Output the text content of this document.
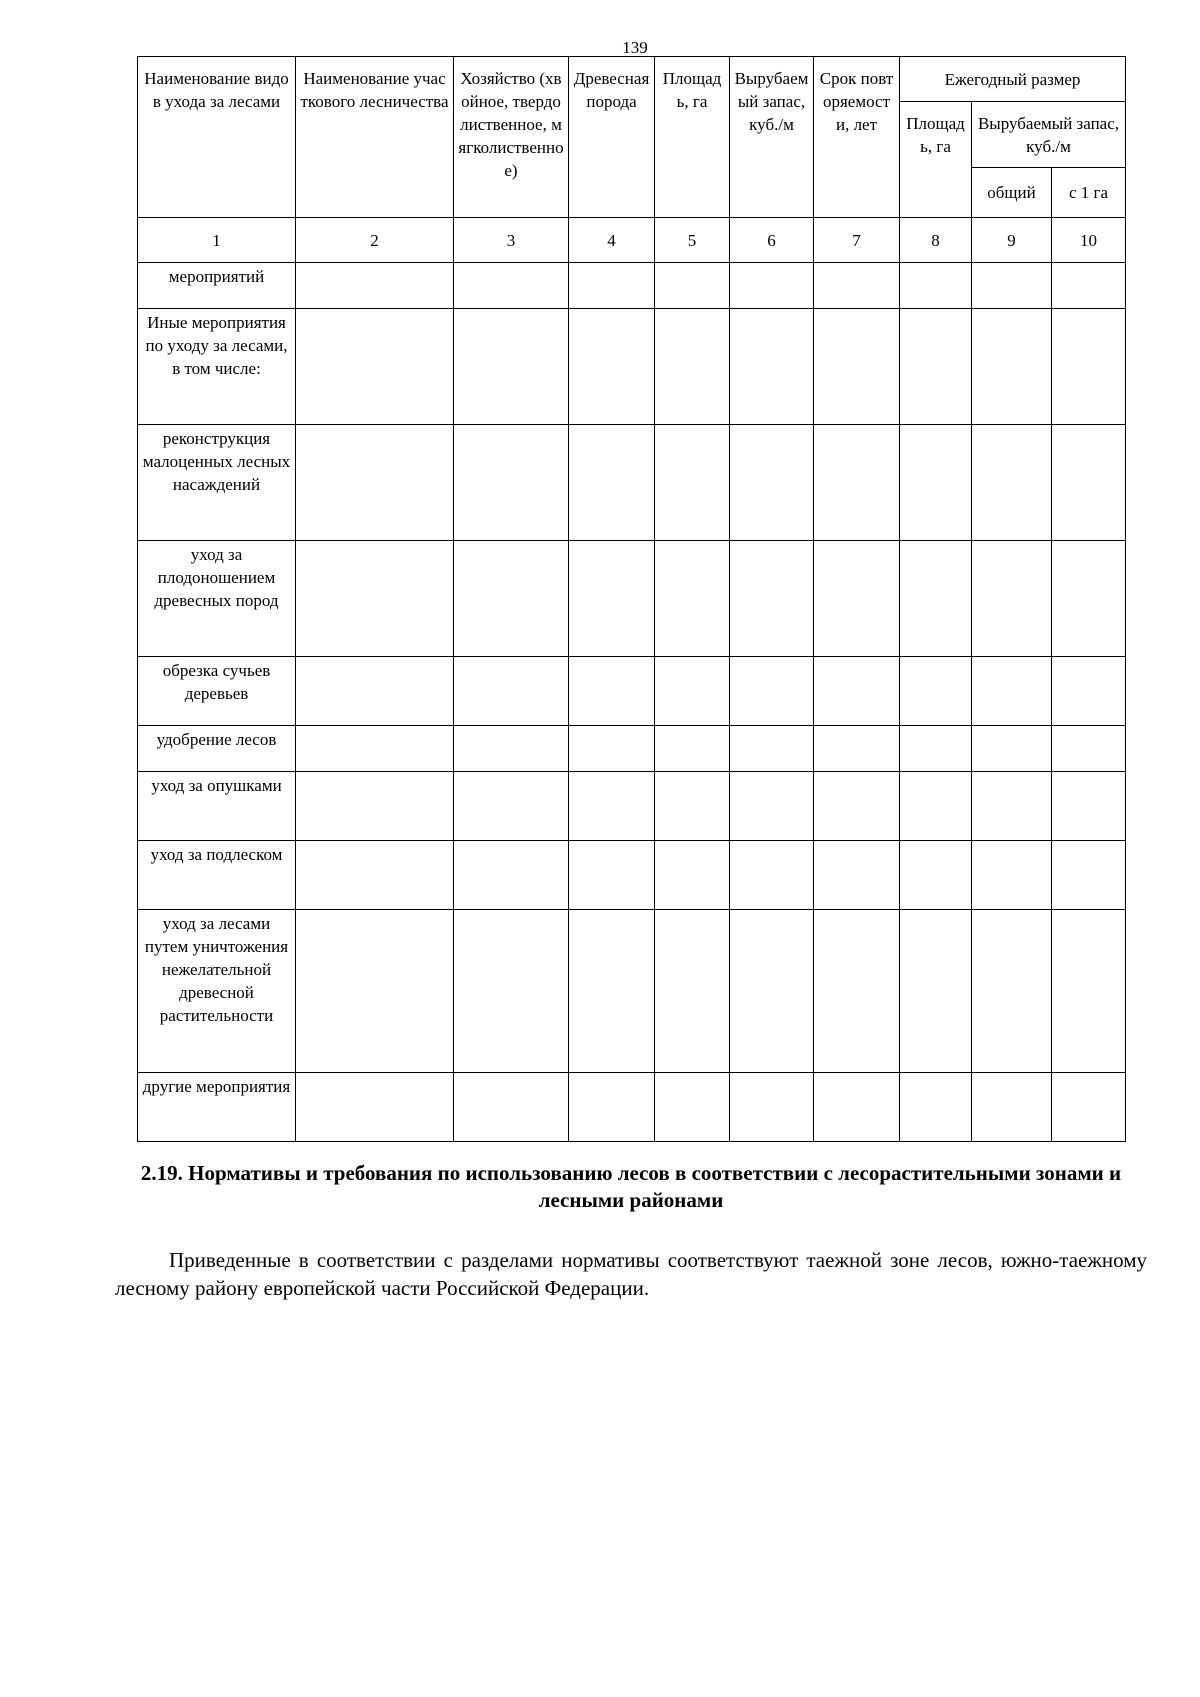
139
Наименование видов ухода за лесами	Наименование участкового лесничества	Хозяйство (хвойное, твердолиственное, мягколиственное)	Древесная порода	Площадь, га	Вырубаемый запас, куб./м	Срок повторяемости, лет	Ежегодный размер		

							Площадь, га	Вырубаемый запас, куб./м	

								общий	с 1 га
1	2	3	4	5	6	7	8	9	10
мероприятий									
Иные мероприятия по уходу за лесами, в том числе:									
реконструкция малоценных лесных насаждений									
уход за плодоношением древесных пород									
обрезка сучьев деревьев									
удобрение лесов									
уход за опушками									
уход за подлеском									
уход за лесами путем уничтожения нежелательной древесной растительности									
другие мероприятия									
2.19. Нормативы и требования по использованию лесов в соответствии с лесорастительными зонами и лесными районами
Приведенные в соответствии с разделами нормативы соответствуют таежной зоне лесов, южно-таежному лесному району европейской части Российской Федерации.
